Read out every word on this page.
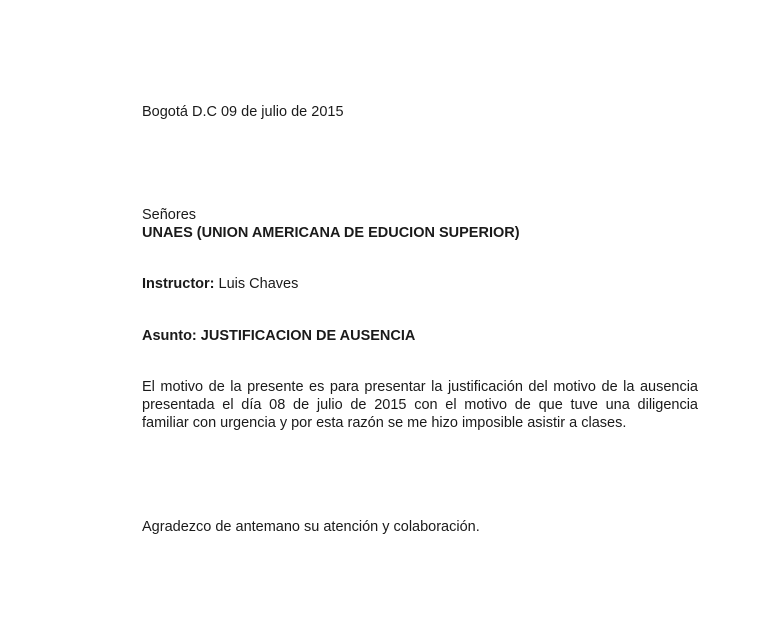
Bogotá D.C 09 de julio de 2015
Señores
UNAES (UNION AMERICANA DE EDUCION SUPERIOR)
Instructor: Luis Chaves
Asunto: JUSTIFICACION DE AUSENCIA
El motivo de la presente es para presentar la justificación del motivo de la ausencia
presentada el día 08 de julio de 2015 con el motivo de que tuve una diligencia
familiar con urgencia y por esta razón se me hizo imposible asistir a clases.
Agradezco de antemano su atención y colaboración.
